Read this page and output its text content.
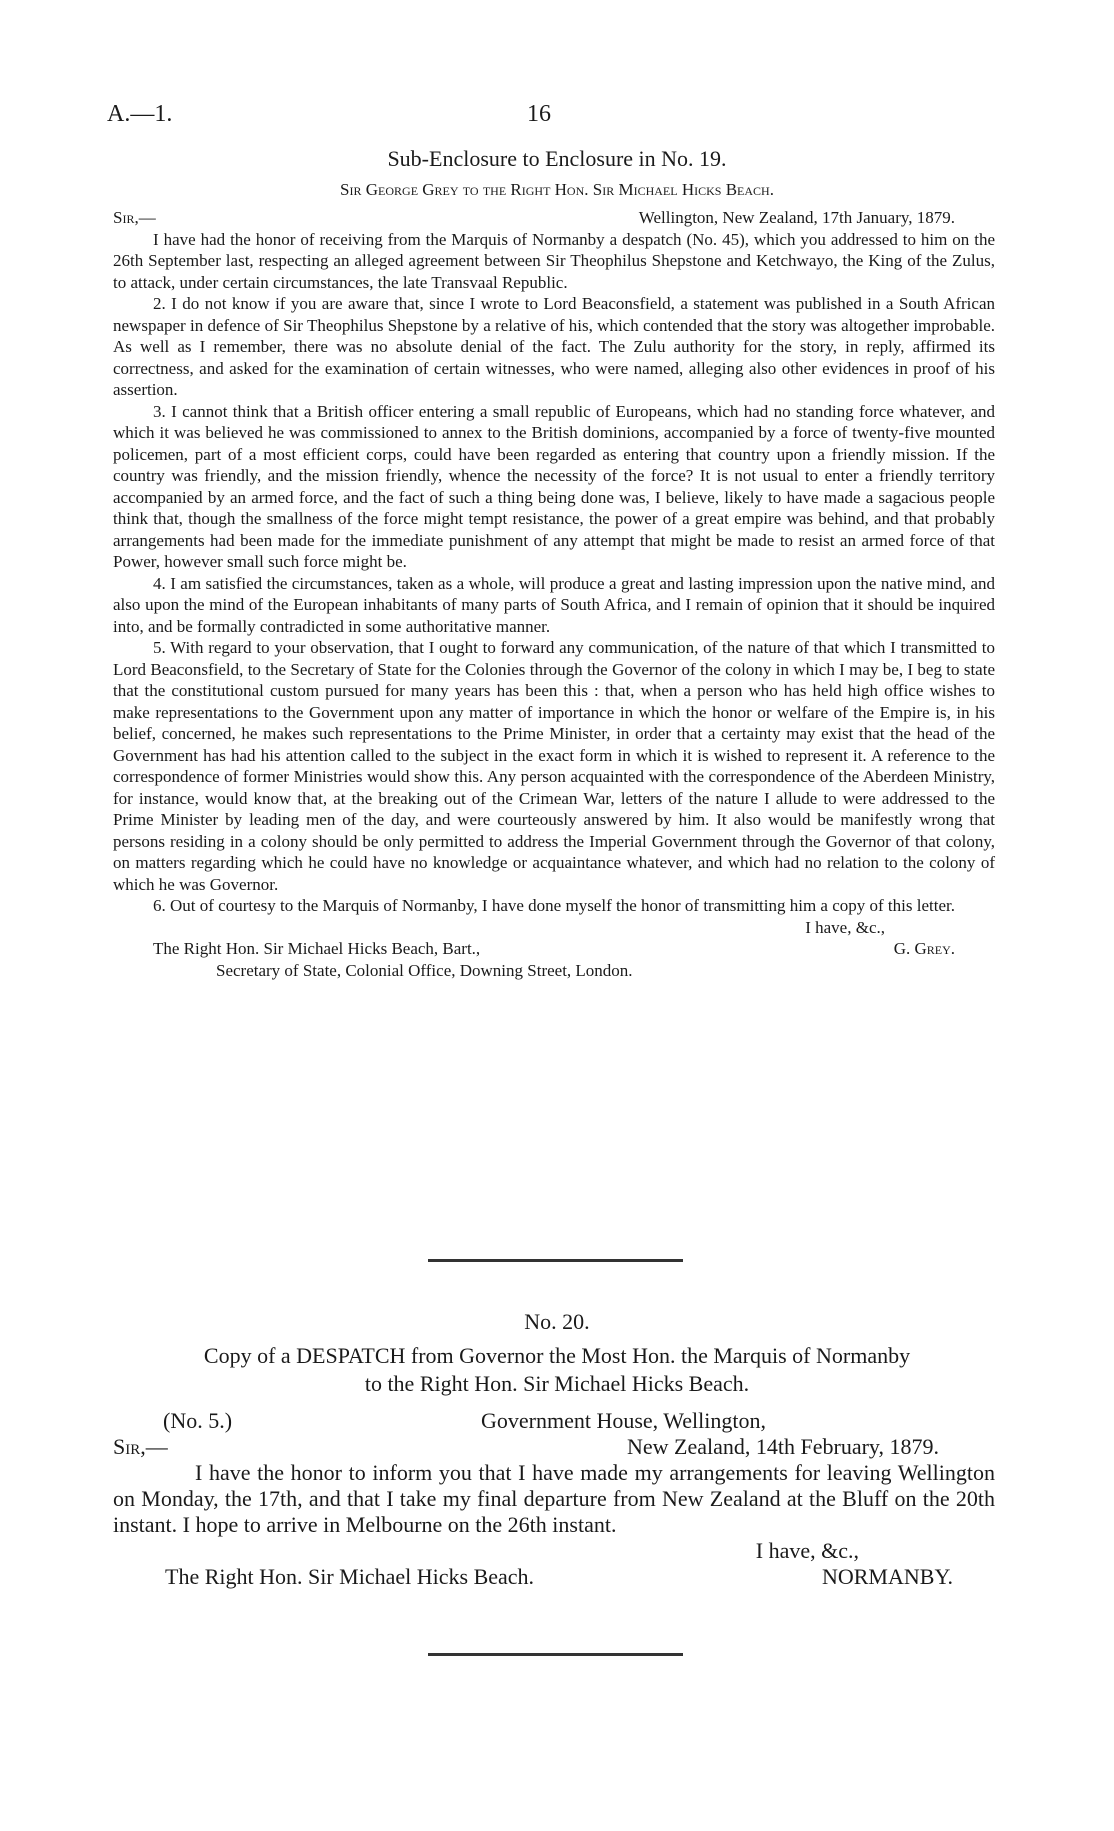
A.—1.	16
Sub-Enclosure to Enclosure in No. 19.
Sir George Grey to the Right Hon. Sir Michael Hicks Beach.
Sir,—	Wellington, New Zealand, 17th January, 1879.

I have had the honor of receiving from the Marquis of Normanby a despatch (No. 45), which you addressed to him on the 26th September last, respecting an alleged agreement between Sir Theophilus Shepstone and Ketchwayo, the King of the Zulus, to attack, under certain circumstances, the late Transvaal Republic.

2. I do not know if you are aware that, since I wrote to Lord Beaconsfield, a statement was published in a South African newspaper in defence of Sir Theophilus Shepstone by a relative of his, which contended that the story was altogether improbable. As well as I remember, there was no absolute denial of the fact. The Zulu authority for the story, in reply, affirmed its correctness, and asked for the examination of certain witnesses, who were named, alleging also other evidences in proof of his assertion.

3. I cannot think that a British officer entering a small republic of Europeans, which had no standing force whatever, and which it was believed he was commissioned to annex to the British dominions, accompanied by a force of twenty-five mounted policemen, part of a most efficient corps, could have been regarded as entering that country upon a friendly mission. If the country was friendly, and the mission friendly, whence the necessity of the force? It is not usual to enter a friendly territory accompanied by an armed force, and the fact of such a thing being done was, I believe, likely to have made a sagacious people think that, though the smallness of the force might tempt resistance, the power of a great empire was behind, and that probably arrangements had been made for the immediate punishment of any attempt that might be made to resist an armed force of that Power, however small such force might be.

4. I am satisfied the circumstances, taken as a whole, will produce a great and lasting impression upon the native mind, and also upon the mind of the European inhabitants of many parts of South Africa, and I remain of opinion that it should be inquired into, and be formally contradicted in some authoritative manner.

5. With regard to your observation, that I ought to forward any communication, of the nature of that which I transmitted to Lord Beaconsfield, to the Secretary of State for the Colonies through the Governor of the colony in which I may be, I beg to state that the constitutional custom pursued for many years has been this : that, when a person who has held high office wishes to make representations to the Government upon any matter of importance in which the honor or welfare of the Empire is, in his belief, concerned, he makes such representations to the Prime Minister, in order that a certainty may exist that the head of the Government has had his attention called to the subject in the exact form in which it is wished to represent it. A reference to the correspondence of former Ministries would show this. Any person acquainted with the correspondence of the Aberdeen Ministry, for instance, would know that, at the breaking out of the Crimean War, letters of the nature I allude to were addressed to the Prime Minister by leading men of the day, and were courteously answered by him. It also would be manifestly wrong that persons residing in a colony should be only permitted to address the Imperial Government through the Governor of that colony, on matters regarding which he could have no knowledge or acquaintance whatever, and which had no relation to the colony of which he was Governor.

6. Out of courtesy to the Marquis of Normanby, I have done myself the honor of transmitting him a copy of this letter.

I have, &c.,
The Right Hon. Sir Michael Hicks Beach, Bart.,	G. Grey.
Secretary of State, Colonial Office, Downing Street, London.
No. 20.
Copy of a DESPATCH from Governor the Most Hon. the Marquis of Normanby
to the Right Hon. Sir Michael Hicks Beach.
(No. 5.)	Government House, Wellington,
Sir,—	New Zealand, 14th February, 1879.

I have the honor to inform you that I have made my arrangements for leaving Wellington on Monday, the 17th, and that I take my final departure from New Zealand at the Bluff on the 20th instant. I hope to arrive in Melbourne on the 26th instant.

I have, &c.,
The Right Hon. Sir Michael Hicks Beach.	NORMANBY.
